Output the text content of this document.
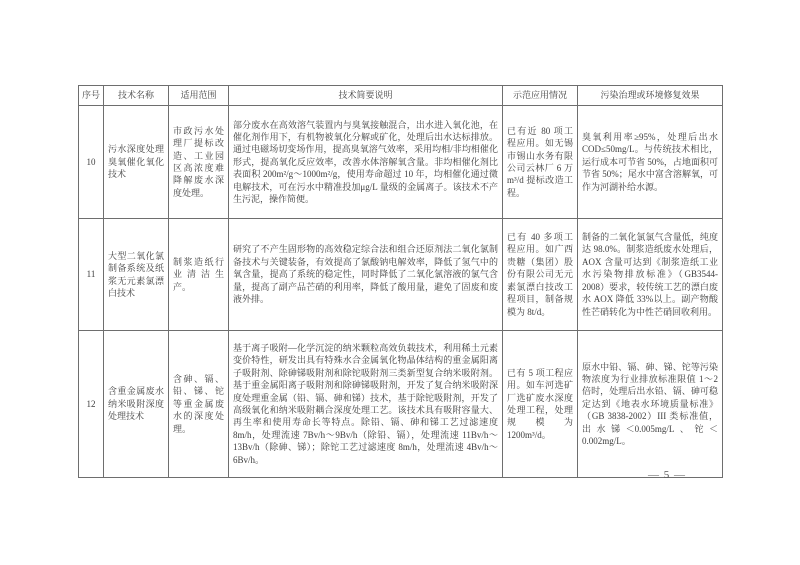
序号	技术名称	适用范围	技术简要说明	示范应用情况	污染治理或环境修复效果
10	污水深度处理臭氧催化氧化技术	市政污水处理厂提标改造、工业园区高浓度难降解废水深度处理。	部分废水在高效溶气装置内与臭氧接触混合，出水进入氧化池，在催化剂作用下，有机物被氧化分解或矿化，处理后出水达标排放。通过电磁场切变场作用，提高臭氧溶气效率，采用均相/非均相催化形式，提高氧化反应效率，改善水体溶解氧含量。非均相催化剂比表面积 200m²/g～1000m²/g，使用寿命超过 10 年，均相催化通过微电解技术，可在污水中精准投加μg/L 量级的金属离子。该技术不产生污泥，操作简便。	已有近 80 项工程应用。如无锡市锡山水务有限公司云林厂 6 万 m³/d 提标改造工程。	臭氧利用率≥95%，处理后出水 COD≤50mg/L。与传统技术相比，运行成本可节省 50%，占地面积可节省 50%；尾水中富含溶解氧，可作为河湖补给水源。
11	大型二氧化氯制备系统及纸浆无元素氯漂白技术	制浆造纸行业清洁生产。	研究了不产生固形物的高效稳定综合法和组合还原剂法二氧化氯制备技术与关键装备，有效提高了氯酸钠电解效率，降低了氢气中的氧含量，提高了系统的稳定性，同时降低了二氧化氯溶液的氯气含量，提高了副产品芒硝的利用率，降低了酸用量，避免了固废和废液外排。	已有 40 多项工程应用。如广西贵糖（集团）股份有限公司无元素氯漂白技改工程项目，制备规模为 8t/d。	制备的二氧化氯氯气含量低，纯度达 98.0%。制浆造纸废水处理后，AOX 含量可达到《制浆造纸工业水污染物排放标准》（GB3544-2008）要求，较传统工艺的漂白废水 AOX 降低 33%以上。副产物酸性芒硝转化为中性芒硝回收利用。
12	含重金属废水纳米吸附深度处理技术	含砷、镉、铅、锑、铊等重金属废水的深度处理。	基于离子吸附—化学沉淀的纳米颗粒高效负载技术，利用稀土元素变价特性，研发出具有特殊水合金属氧化物晶体结构的重金属阳离子吸附剂、除砷锑吸附剂和除铊吸附剂三类新型复合纳米吸附剂。基于重金属阳离子吸附剂和除砷锑吸附剂，开发了复合纳米吸附深度处理重金属（铅、镉、砷和锑）技术，基于除铊吸附剂，开发了高级氧化和纳米吸附耦合深度处理工艺。该技术具有吸附容量大、再生率和使用寿命长等特点。除铅、镉、砷和锑工艺过滤速度 8m/h，处理流速 7Bv/h～9Bv/h（除铅、镉），处理流速 11Bv/h～13Bv/h（除砷、锑）；除铊工艺过滤速度 8m/h，处理流速 4Bv/h～6Bv/h。	已有 5 项工程应用。如车河选矿厂选矿废水深度处理工程，处理规模为 1200m³/d。	原水中铅、镉、砷、锑、铊等污染物浓度为行业排放标准限值 1～2 倍时，处理后出水铅、镉、砷可稳定达到《地表水环境质量标准》（GB 3838-2002）III 类标准值，出水锑＜0.005mg/L、铊＜0.002mg/L。
— 5 —
